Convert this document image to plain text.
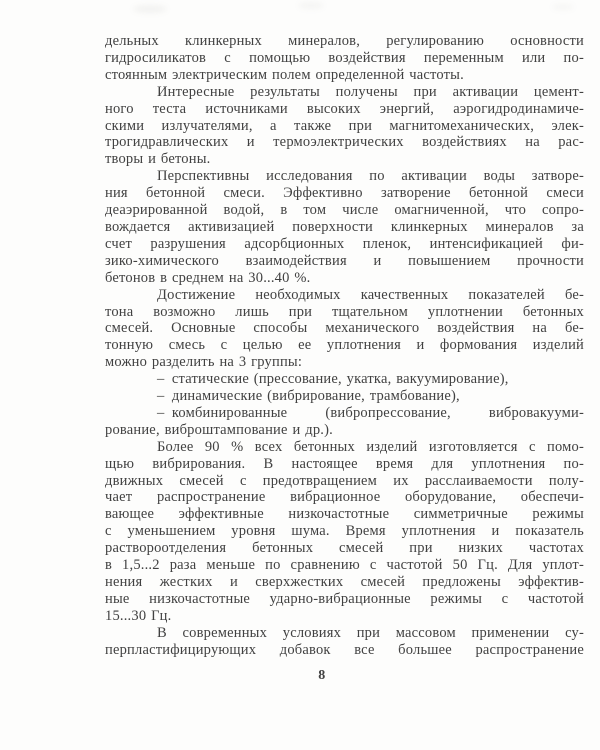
дельных клинкерных минералов, регулированию основности
гидросиликатов с помощью воздействия переменным или по-
стоянным электрическим полем определенной частоты.
Интересные результаты получены при активации цемент-
ного теста источниками высоких энергий, аэрогидродинамиче-
скими излучателями, а также при магнитомеханических, элек-
трогидравлических и термоэлектрических воздействиях на рас-
творы и бетоны.
Перспективны исследования по активации воды затворе-
ния бетонной смеси. Эффективно затворение бетонной смеси
деаэрированной водой, в том числе омагниченной, что сопро-
вождается активизацией поверхности клинкерных минералов за
счет разрушения адсорбционных пленок, интенсификацией фи-
зико-химического взаимодействия и повышением прочности
бетонов в среднем на 30...40 %.
Достижение необходимых качественных показателей бе-
тона возможно лишь при тщательном уплотнении бетонных
смесей. Основные способы механического воздействия на бе-
тонную смесь с целью ее уплотнения и формования изделий
можно разделить на 3 группы:
– статические (прессование, укатка, вакуумирование),
– динамические (вибрирование, трамбование),
– комбинированные (вибропрессование, вибровакууми-
рование, виброштампование и др.).
Более 90 % всех бетонных изделий изготовляется с помо-
щью вибрирования. В настоящее время для уплотнения по-
движных смесей с предотвращением их расслаиваемости полу-
чает распространение вибрационное оборудование, обеспечи-
вающее эффективные низкочастотные симметричные режимы
с уменьшением уровня шума. Время уплотнения и показатель
раствороотделения бетонных смесей при низких частотах
в 1,5...2 раза меньше по сравнению с частотой 50 Гц. Для уплот-
нения жестких и сверхжестких смесей предложены эффектив-
ные низкочастотные ударно-вибрационные режимы с частотой
15...30 Гц.
В современных условиях при массовом применении су-
перпластифицирующих добавок все большее распространение
8
